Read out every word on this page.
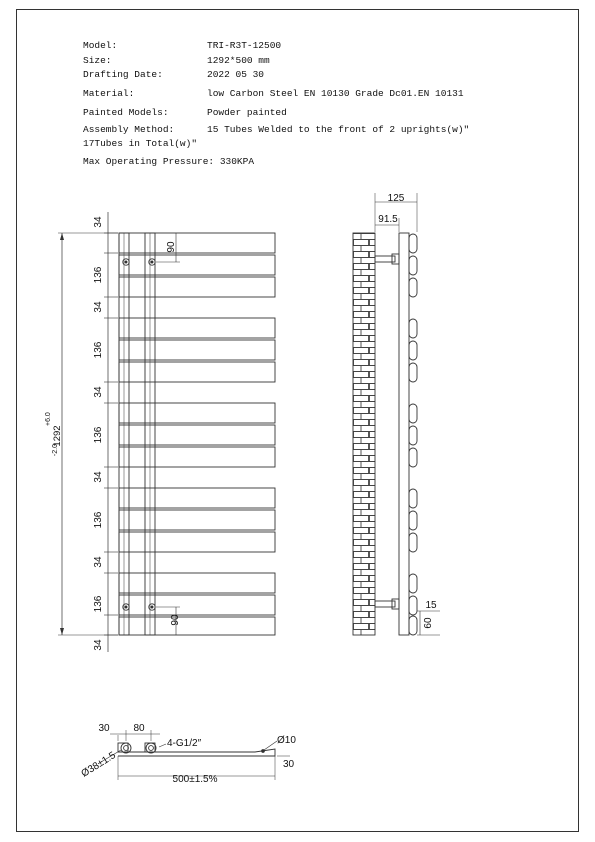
Model:	TRI-R3T-12500
Size:	1292*500 mm
Drafting Date:	2022 05 30
Material:	low Carbon Steel EN 10130 Grade Dc01.EN 10131
Painted Models:	Powder painted
Assembly Method:	15 Tubes Welded to the front of 2 uprights(w)″
17Tubes in Total(w)″
Max Operating Pressure: 330KPA
34
136
34
136
34
136
34
136
34
136
34
90
90
1292
+6.0
-2.0
125
91.5
15
60
30 80
4-G1/2″	Ø10
30
500±1.5%
Ø38±1.5
